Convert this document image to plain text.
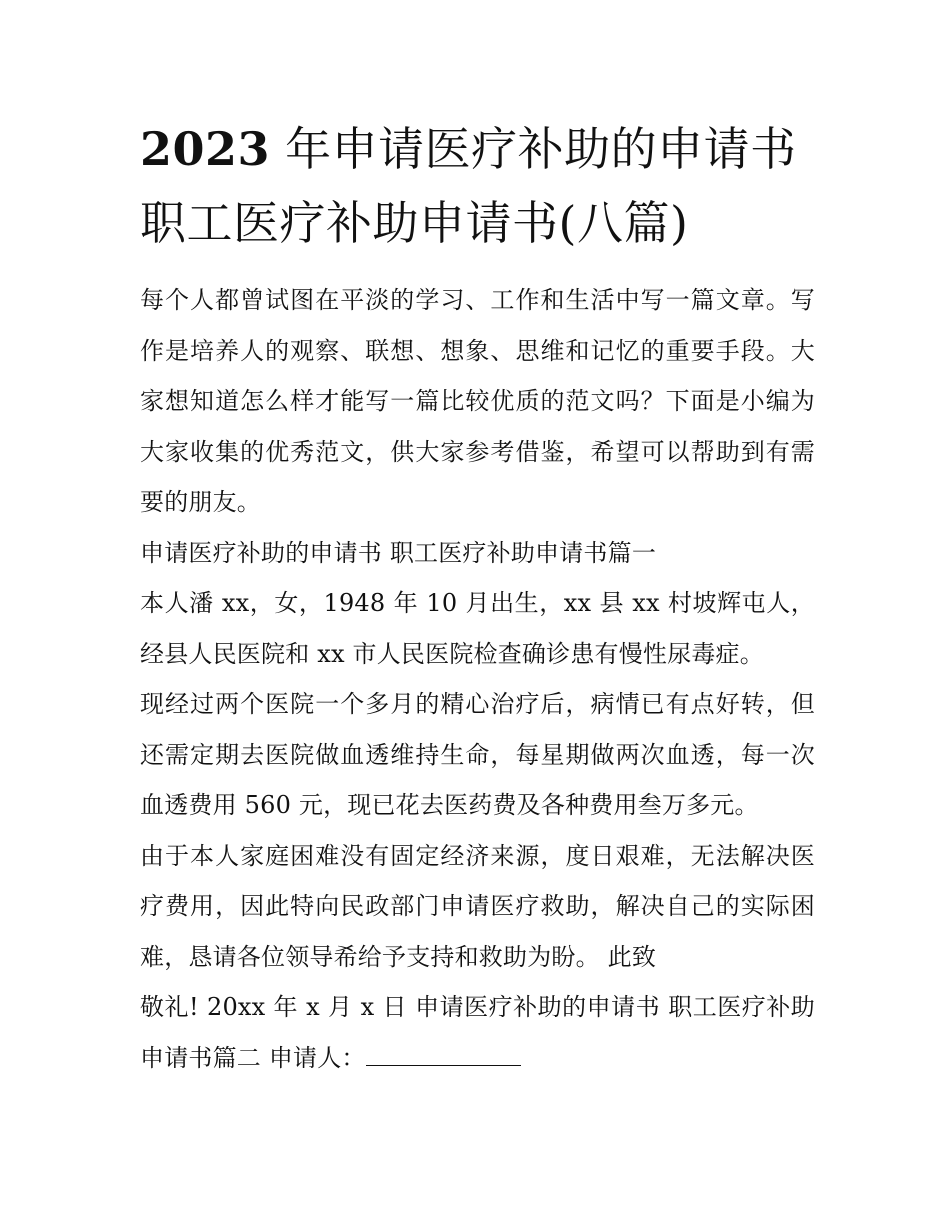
2023 年申请医疗补助的申请书 职工医疗补助申请书(八篇)

每个人都曾试图在平淡的学习、工作和生活中写一篇文章。写作是培养人的观察、联想、想象、思维和记忆的重要手段。大家想知道怎么样才能写一篇比较优质的范文吗？下面是小编为大家收集的优秀范文，供大家参考借鉴，希望可以帮助到有需要的朋友。

申请医疗补助的申请书 职工医疗补助申请书篇一

本人潘 xx，女，1948 年 10 月出生，xx 县 xx 村坡辉屯人，经县人民医院和 xx 市人民医院检查确诊患有慢性尿毒症。

现经过两个医院一个多月的精心治疗后，病情已有点好转，但还需定期去医院做血透维持生命，每星期做两次血透，每一次血透费用 560 元，现已花去医药费及各种费用叁万多元。

由于本人家庭困难没有固定经济来源，度日艰难，无法解决医疗费用，因此特向民政部门申请医疗救助，解决自己的实际困难，恳请各位领导希给予支持和救助为盼。 此致

敬礼! 20xx 年 x 月 x 日 申请医疗补助的申请书 职工医疗补助申请书篇二 申请人：
